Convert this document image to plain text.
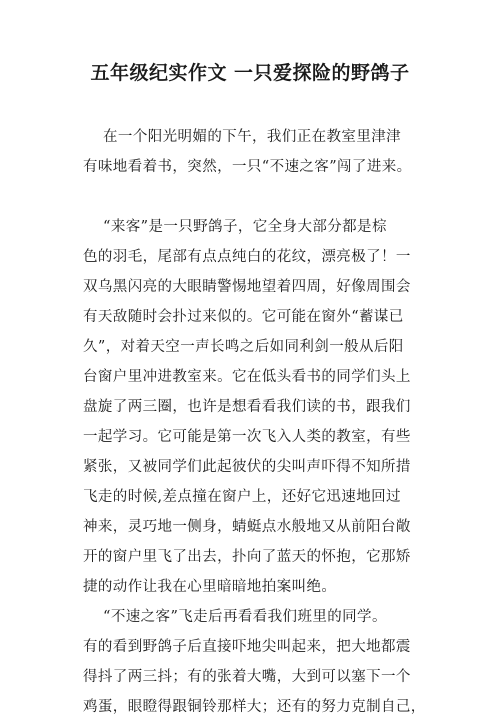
五年级纪实作文 一只爱探险的野鸽子
在一个阳光明媚的下午，我们正在教室里津津
有味地看着书，突然，一只“不速之客”闯了进来。
“来客”是一只野鸽子，它全身大部分都是棕
色的羽毛，尾部有点点纯白的花纹，漂亮极了！一
双乌黑闪亮的大眼睛警惕地望着四周，好像周围会
有天敌随时会扑过来似的。它可能在窗外“蓄谋已
久”，对着天空一声长鸣之后如同利剑一般从后阳
台窗户里冲进教室来。它在低头看书的同学们头上
盘旋了两三圈，也许是想看看我们读的书，跟我们
一起学习。它可能是第一次飞入人类的教室，有些
紧张，又被同学们此起彼伏的尖叫声吓得不知所措
飞走的时候,差点撞在窗户上，还好它迅速地回过
神来，灵巧地一侧身，蜻蜓点水般地又从前阳台敞
开的窗户里飞了出去，扑向了蓝天的怀抱，它那矫
捷的动作让我在心里暗暗地拍案叫绝。
“不速之客”飞走后再看看我们班里的同学。
有的看到野鸽子后直接吓地尖叫起来，把大地都震
得抖了两三抖；有的张着大嘴，大到可以塞下一个
鸡蛋，眼瞪得跟铜铃那样大；还有的努力克制自己，
